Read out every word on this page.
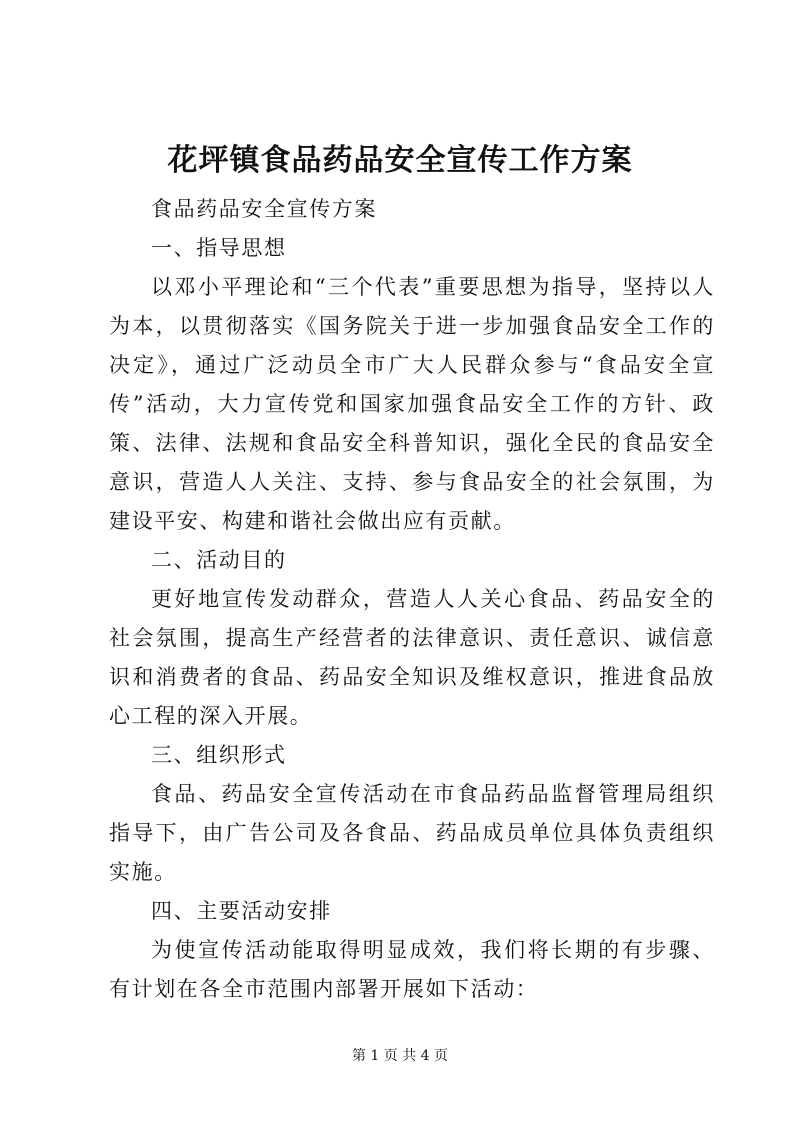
花坪镇食品药品安全宣传工作方案

食品药品安全宣传方案

一、指导思想

以邓小平理论和“三个代表”重要思想为指导，坚持以人为本，以贯彻落实《国务院关于进一步加强食品安全工作的决定》，通过广泛动员全市广大人民群众参与“食品安全宣传”活动，大力宣传党和国家加强食品安全工作的方针、政策、法律、法规和食品安全科普知识，强化全民的食品安全意识，营造人人关注、支持、参与食品安全的社会氛围，为建设平安、构建和谐社会做出应有贡献。

二、活动目的

更好地宣传发动群众，营造人人关心食品、药品安全的社会氛围，提高生产经营者的法律意识、责任意识、诚信意识和消费者的食品、药品安全知识及维权意识，推进食品放心工程的深入开展。

三、组织形式

食品、药品安全宣传活动在市食品药品监督管理局组织指导下，由广告公司及各食品、药品成员单位具体负责组织实施。

四、主要活动安排

为使宣传活动能取得明显成效，我们将长期的有步骤、有计划在各全市范围内部署开展如下活动：

第 1 页 共 4 页
